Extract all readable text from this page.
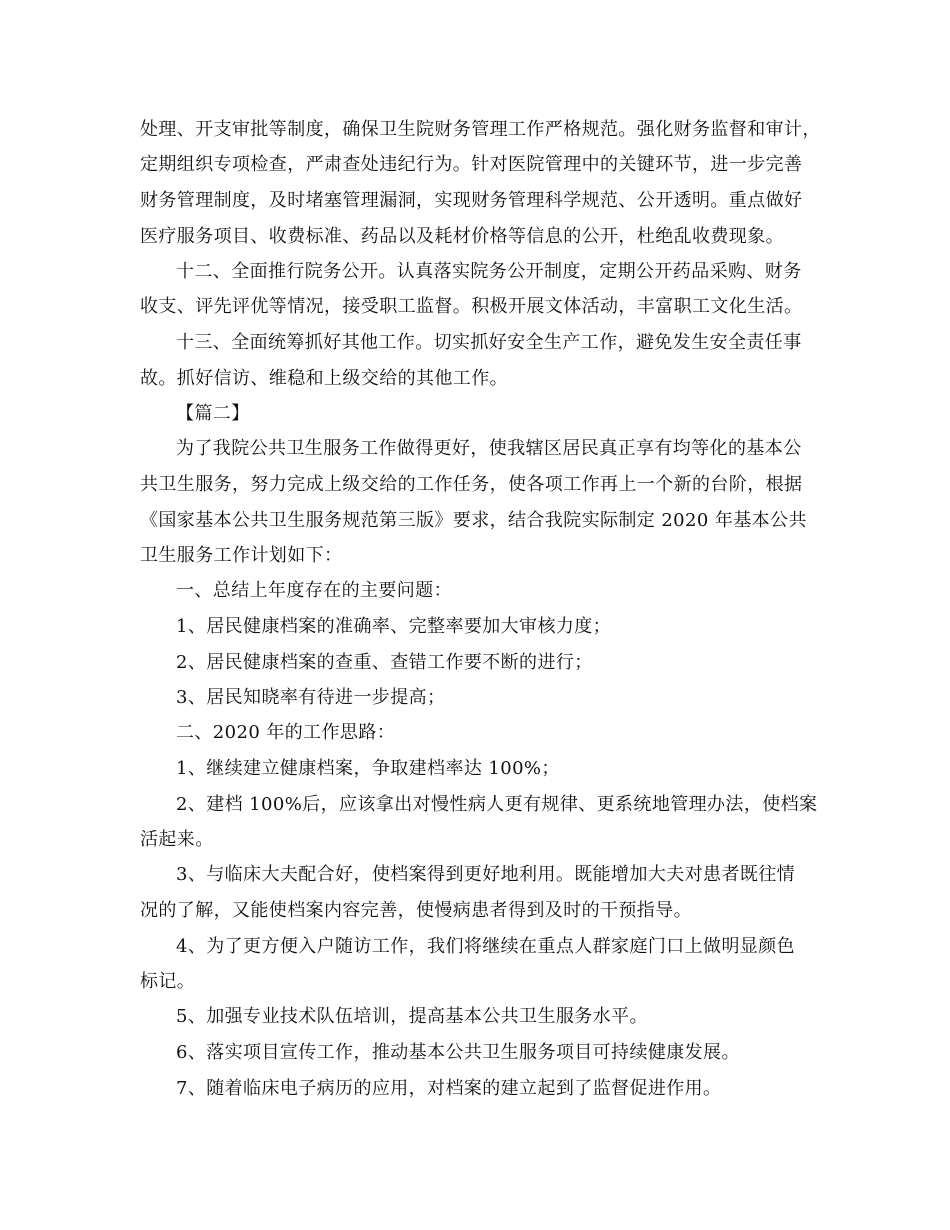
处理、开支审批等制度，确保卫生院财务管理工作严格规范。强化财务监督和审计，
定期组织专项检查，严肃查处违纪行为。针对医院管理中的关键环节，进一步完善
财务管理制度，及时堵塞管理漏洞，实现财务管理科学规范、公开透明。重点做好
医疗服务项目、收费标准、药品以及耗材价格等信息的公开，杜绝乱收费现象。
十二、全面推行院务公开。认真落实院务公开制度，定期公开药品采购、财务
收支、评先评优等情况，接受职工监督。积极开展文体活动，丰富职工文化生活。
十三、全面统筹抓好其他工作。切实抓好安全生产工作，避免发生安全责任事
故。抓好信访、维稳和上级交给的其他工作。
【篇二】
为了我院公共卫生服务工作做得更好，使我辖区居民真正享有均等化的基本公
共卫生服务，努力完成上级交给的工作任务，使各项工作再上一个新的台阶，根据
《国家基本公共卫生服务规范第三版》要求，结合我院实际制定 2020 年基本公共
卫生服务工作计划如下：
一、总结上年度存在的主要问题：
1、居民健康档案的准确率、完整率要加大审核力度；
2、居民健康档案的查重、查错工作要不断的进行；
3、居民知晓率有待进一步提高；
二、2020 年的工作思路：
1、继续建立健康档案，争取建档率达 100%；
2、建档 100%后，应该拿出对慢性病人更有规律、更系统地管理办法，使档案
活起来。
3、与临床大夫配合好，使档案得到更好地利用。既能增加大夫对患者既往情
况的了解，又能使档案内容完善，使慢病患者得到及时的干预指导。
4、为了更方便入户随访工作，我们将继续在重点人群家庭门口上做明显颜色
标记。
5、加强专业技术队伍培训，提高基本公共卫生服务水平。
6、落实项目宣传工作，推动基本公共卫生服务项目可持续健康发展。
7、随着临床电子病历的应用，对档案的建立起到了监督促进作用。
